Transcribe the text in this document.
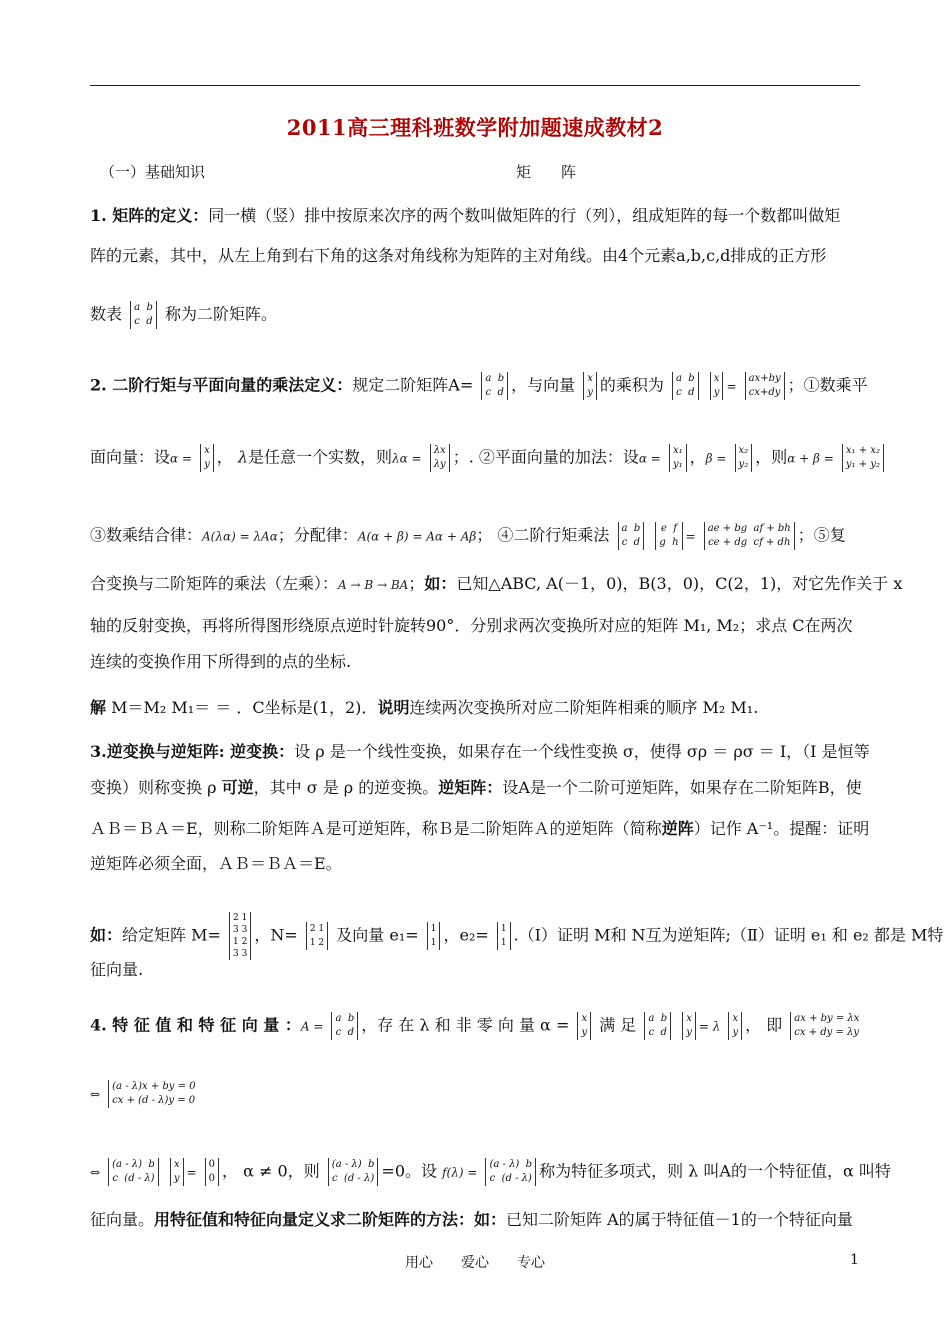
2011高三理科班数学附加题速成教材2
（一）基础知识	矩　　阵
1. 矩阵的定义：同一横（竖）排中按原来次序的两个数叫做矩阵的行（列），组成矩阵的每一个数都叫做矩
阵的元素，其中，从左上角到右下角的这条对角线称为矩阵的主对角线。由4个元素a,b,c,d排成的正方形
数表 a b
c d 称为二阶矩阵。
2. 二阶行矩与平面向量的乘法定义：规定二阶矩阵A= a b
c d ，与向量 x
y 的乘积为 a b
c d x
y = ax+by
cx+dy ；①数乘平
面向量：设α = x
y ， λ是任意一个实数，则λα = λx
λy ；. ②平面向量的加法：设α = x₁
y₁ ，β = x₂
y₂ ，则α + β = x₁ + x₂
y₁ + y₂
③数乘结合律：A(λα) = λAα；分配律：A(α + β) = Aα + Aβ； ④二阶行矩乘法 a b
c d e f
g h = ae + bg af + bh
ce + dg cf + dh ；⑤复
合变换与二阶矩阵的乘法（左乘）：A → B → BA；如：已知△ABC, A(－1，0)，B(3，0)，C(2，1)，对它先作关于 x
轴的反射变换，再将所得图形绕原点逆时针旋转90°．分别求两次变换所对应的矩阵 M₁, M₂；求点 C在两次
连续的变换作用下所得到的点的坐标.
解 M＝M₂ M₁＝ ＝ ．C坐标是(1，2)．说明连续两次变换所对应二阶矩阵相乘的顺序 M₂ M₁.
3.逆变换与逆矩阵: 逆变换：设 ρ 是一个线性变换，如果存在一个线性变换 σ，使得 σρ ＝ ρσ ＝ I，（I 是恒等
变换）则称变换 ρ 可逆，其中 σ 是 ρ 的逆变换。逆矩阵：设A是一个二阶可逆矩阵，如果存在二阶矩阵B，使
ＡＢ＝ＢＡ＝E，则称二阶矩阵Ａ是可逆矩阵，称Ｂ是二阶矩阵Ａ的逆矩阵（简称逆阵）记作 A⁻¹。提醒：证明
逆矩阵必须全面，ＡＢ＝ＢＡ＝E。
如：给定矩阵 M= 2 1
3 3
1 2
3 3，N= 2 1
1 2 及向量 e₁= 1
1 ，e₂= 1
1 .（Ⅰ）证明 M和 N互为逆矩阵;（Ⅱ）证明 e₁ 和 e₂ 都是 M特
征向量.
4. 特 征 值 和 特 征 向 量 ：A = a b
c d ，存 在 λ 和 非 零 向 量 α = x
y 满 足 a b
c d x
y = λ x
y ， 即 ax + by = λx
cx + dy = λy
⇔ (a - λ)x + by = 0
cx + (d - λ)y = 0
⇔ (a - λ) b
c (d - λ) x
y = 0
0 ， α ≠ 0，则 (a - λ) b
c (d - λ) =0。设 f(λ) = (a - λ) b
c (d - λ) 称为特征多项式，则 λ 叫A的一个特征值，α 叫特
征向量。用特征值和特征向量定义求二阶矩阵的方法：如：已知二阶矩阵 A的属于特征值－1的一个特征向量
用心　　爱心　　专心	1
